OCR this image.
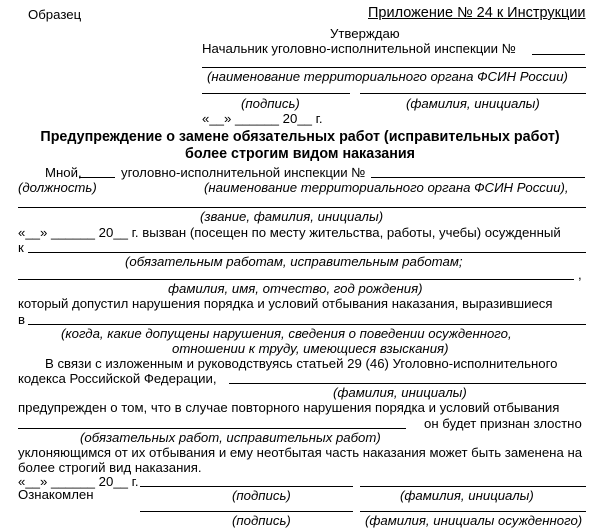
Образец	Приложение № 24 к Инструкции
Утверждаю
Начальник уголовно-исполнительной инспекции №
(наименование территориального органа ФСИН России)
(подпись)	(фамилия, инициалы)
«__» ______ 20__ г.
Предупреждение о замене обязательных работ (исправительных работ)
более строгим видом наказания
Мной,	уголовно-исполнительной инспекции №
(должность)	(наименование территориального органа ФСИН России),
(звание, фамилия, инициалы)
«__» ______ 20__ г. вызван (посещен по месту жительства, работы, учебы) осужденный
к
(обязательным работам, исправительным работам;
,
фамилия, имя, отчество, год рождения)
который допустил нарушения порядка и условий отбывания наказания, выразившиеся
в
(когда, какие допущены нарушения, сведения о поведении осужденного,
отношении к труду, имеющиеся взыскания)
В связи с изложенным и руководствуясь статьей 29 (46) Уголовно-исполнительного
кодекса Российской Федерации,
(фамилия, инициалы)
предупрежден о том, что в случае повторного нарушения порядка и условий отбывания
он будет признан злостно
(обязательных работ, исправительных работ)
уклоняющимся от их отбывания и ему неотбытая часть наказания может быть заменена на
более строгий вид наказания.
«__» ______ 20__ г.
Ознакомлен	(подпись)	(фамилия, инициалы)
(подпись)	(фамилия, инициалы осужденного)
